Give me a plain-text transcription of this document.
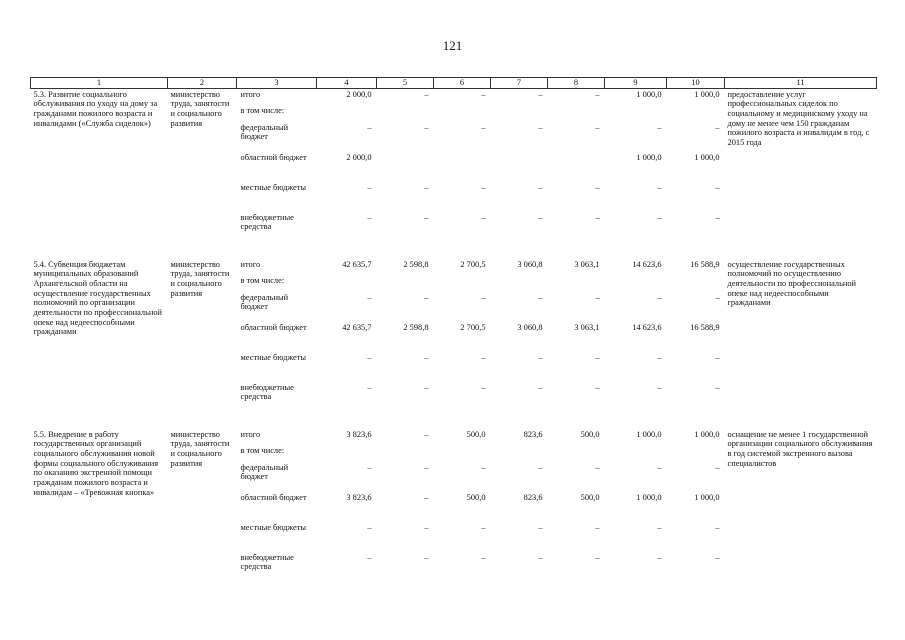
121
1	2	3	4	5	6	7	8	9	10	11
5.3. Развитие социального обслуживания по уходу на дому за гражданами пожилого возраста и инвалидами («Служба сиделок»)	министерство труда, занятости и социального развития	итого	2 000,0	–	–	–	–	1 000,0	1 000,0	предоставление услуг профессиональных сиделок по социальному и медицинскому уходу на дому не менее чем 150 гражданам пожилого возраста и инвалидам в год, с 2015 года
		в том числе:								
		федеральный бюджет	–	–	–	–	–	–	–	
		областной бюджет	2 000,0					1 000,0	1 000,0	
		местные бюджеты	–	–	–	–	–	–	–	
		внебюджетные средства	–	–	–	–	–	–	–	
5.4. Субвенция бюджетам муниципальных образований Архангельской области на осуществление государственных полномочий по организации деятельности по профессиональной опеке над недееспособными гражданами	министерство труда, занятости и социального развития	итого	42 635,7	2 598,8	2 700,5	3 060,8	3 063,1	14 623,6	16 588,9	осуществление государственных полномочий по осуществлению деятельности по профессиональной опеке над недееспособными гражданами
		в том числе:								
		федеральный бюджет	–	–	–	–	–	–	–	
		областной бюджет	42 635,7	2 598,8	2 700,5	3 060,8	3 063,1	14 623,6	16 588,9	
		местные бюджеты	–	–	–	–	–	–	–	
		внебюджетные средства	–	–	–	–	–	–	–	
5.5. Внедрение в работу государственных организаций социального обслуживания новой формы социального обслуживания по оказанию экстренной помощи гражданам пожилого возраста и инвалидам – «Тревожная кнопка»	министерство труда, занятости и социального развития	итого	3 823,6	–	500,0	823,6	500,0	1 000,0	1 000,0	оснащение не менее 1 государственной организации социального обслуживания в год системой экстренного вызова специалистов
		в том числе:								
		федеральный бюджет	–	–	–	–	–	–	–	
		областной бюджет	3 823,6	–	500,0	823,6	500,0	1 000,0	1 000,0	
		местные бюджеты	–	–	–	–	–	–	–	
		внебюджетные средства	–	–	–	–	–	–	–	
